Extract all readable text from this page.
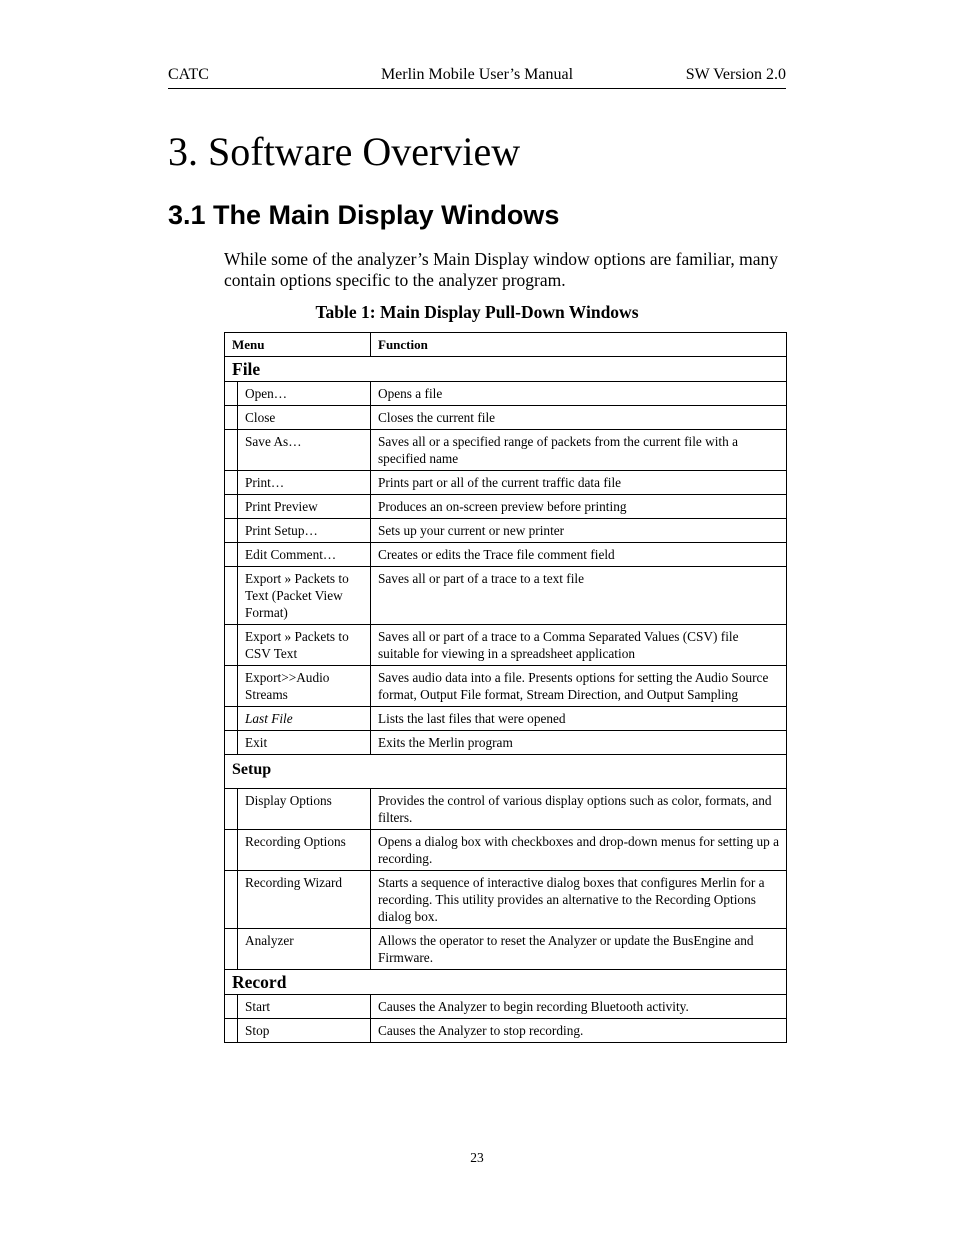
CATC	Merlin Mobile User’s Manual	SW Version 2.0
3. Software Overview
3.1 The Main Display Windows

While some of the analyzer’s Main Display window options are familiar, many contain options specific to the analyzer program.

Table 1: Main Display Pull-Down Windows

Menu		Function
File		
	Open…	Opens a file
	Close	Closes the current file
	Save As…	Saves all or a specified range of packets from the current file with a specified name
	Print…	Prints part or all of the current traffic data file
	Print Preview	Produces an on-screen preview before printing
	Print Setup…	Sets up your current or new printer
	Edit Comment…	Creates or edits the Trace file comment field
	Export » Packets to Text (Packet View Format)	Saves all or part of a trace to a text file
	Export » Packets to CSV Text	Saves all or part of a trace to a Comma Separated Values (CSV) file suitable for viewing in a spreadsheet application
	Export>>Audio Streams	Saves audio data into a file. Presents options for setting the Audio Source format, Output File format, Stream Direction, and Output Sampling
	Last File	Lists the last files that were opened
	Exit	Exits the Merlin program
Setup		
	Display Options	Provides the control of various display options such as color, formats, and filters.
	Recording Options	Opens a dialog box with checkboxes and drop-down menus for setting up a recording.
	Recording Wizard	Starts a sequence of interactive dialog boxes that configures Merlin for a recording. This utility provides an alternative to the Recording Options dialog box.
	Analyzer	Allows the operator to reset the Analyzer or update the BusEngine and Firmware.
Record		
	Start	Causes the Analyzer to begin recording Bluetooth activity.
	Stop	Causes the Analyzer to stop recording.
23
